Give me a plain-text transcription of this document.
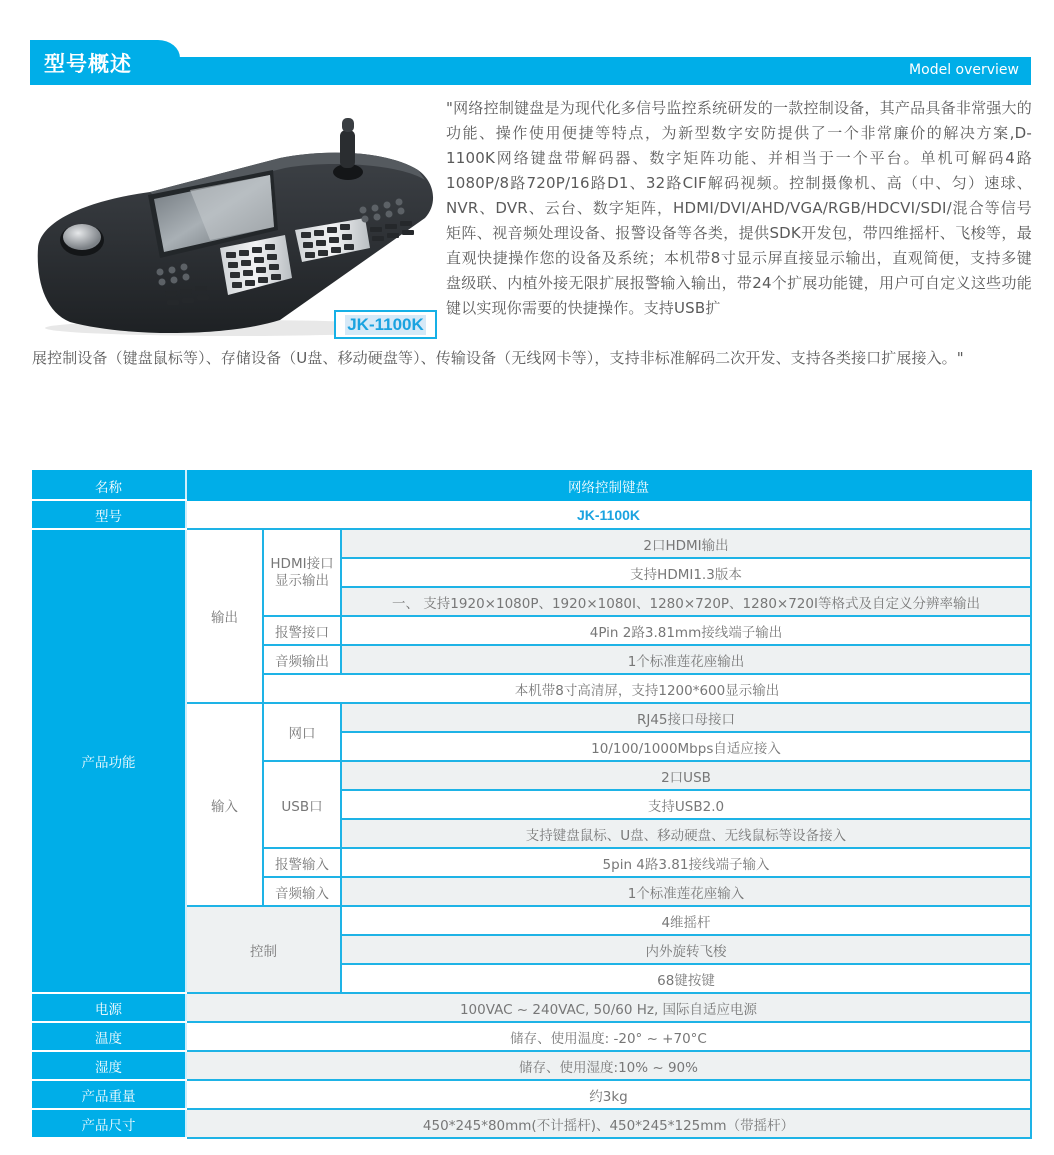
型号概述	Model overview
JK-1100K

"网络控制键盘是为现代化多信号监控系统研发的一款控制设备，其产品具备非常强大的功能、操作使用便捷等特点，为新型数字安防提供了一个非常廉价的解决方案,D-1100K网络键盘带解码器、数字矩阵功能、并相当于一个平台。单机可解码4路1080P/8路720P/16路D1、32路CIF解码视频。控制摄像机、高（中、匀）速球、NVR、DVR、云台、数字矩阵，HDMI/DVI/AHD/VGA/RGB/HDCVI/SDI/混合等信号矩阵、视音频处理设备、报警设备等各类，提供SDK开发包，带四维摇杆、飞梭等，最直观快捷操作您的设备及系统；本机带8寸显示屏直接显示输出，直观简便，支持多键盘级联、内植外接无限扩展报警输入输出，带24个扩展功能键，用户可自定义这些功能键以实现你需要的快捷操作。支持USB扩

展控制设备（键盘鼠标等）、存储设备（U盘、移动硬盘等）、传输设备（无线网卡等），支持非标准解码二次开发、支持各类接口扩展接入。"

名称	网络控制键盘		
型号	JK-1100K		
产品功能	输出	HDMI接口显示输出	2口HDMI输出
			支持HDMI1.3版本
			一、 支持1920×1080P、1920×1080I、1280×720P、1280×720I等格式及自定义分辨率输出
		报警接口	4Pin 2路3.81mm接线端子输出
		音频输出	1个标准莲花座输出
		本机带8寸高清屏，支持1200*600显示输出	
	输入	网口	RJ45接口母接口
			10/100/1000Mbps自适应接入
		USB口	2口USB
			支持USB2.0
			支持键盘鼠标、U盘、移动硬盘、无线鼠标等设备接入
		报警输入	5pin 4路3.81接线端子输入
		音频输入	1个标准莲花座输入
	控制		4维摇杆
			内外旋转飞梭
			68键按键
电源	100VAC ~ 240VAC, 50/60 Hz, 国际自适应电源		
温度	储存、使用温度: -20° ~ +70°C		
湿度	储存、使用湿度:10% ~ 90%		
产品重量	约3kg		
产品尺寸	450*245*80mm(不计摇杆)、450*245*125mm（带摇杆）		
